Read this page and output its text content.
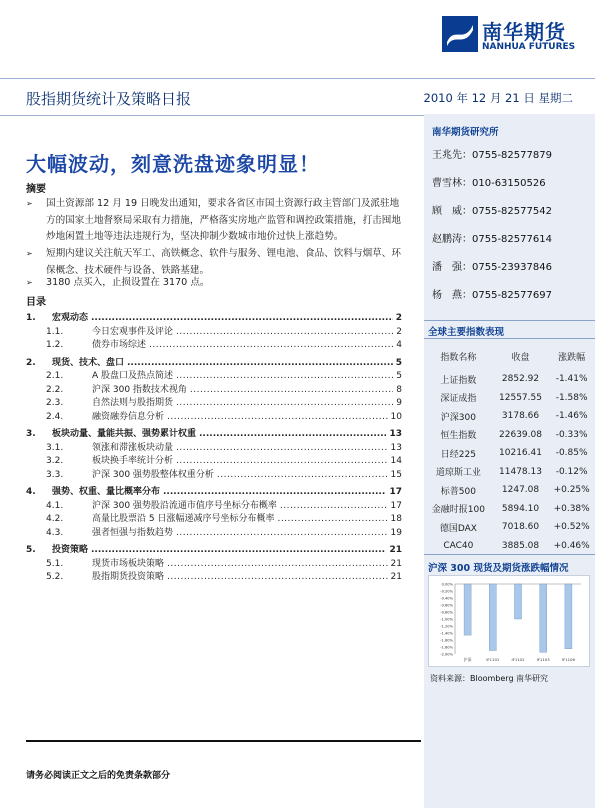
南华期货
NANHUA FUTURES
股指期货统计及策略日报	2010 年 12 月 21 日 星期二
南华期货研究所
王兆先：0755-82577879
曹雪林：010-63150526
顾　威：0755-82577542
赵鹏涛：0755-82577614
潘　强：0755-23937846
杨　燕：0755-82577697
全球主要指数表现
指数名称	收盘	涨跌幅
上证指数	2852.92	-1.41%
深证成指	12557.55	-1.58%
沪深300	3178.66	-1.46%
恒生指数	22639.08	-0.33%
日经225	10216.41	-0.85%
道琼斯工业	11478.13	-0.12%
标普500	1247.08	+0.25%
金融时报100	5894.10	+0.38%
德国DAX	7018.60	+0.52%
CAC40	3885.08	+0.46%
沪深 300 现货及期货涨跌幅情况
0.00%
-0.20%
-0.40%
-0.60%
-0.80%
-1.00%
-1.20%
-1.40%
-1.60%
-1.80%
-2.00%
沪深	IF1101	IF1102	IF1103	IF1106
资料来源：Bloomberg 南华研究
大幅波动，刻意洗盘迹象明显！
摘要
➢	国土资源部 12 月 19 日晚发出通知，要求各省区市国土资源行政主管部门及派驻地方的国家土地督察局采取有力措施，严格落实房地产监管和调控政策措施，打击囤地炒地闲置土地等违法违规行为，坚决抑制少数城市地价过快上涨趋势。
➢	短期内建议关注航天军工、高铁概念、软件与服务、锂电池、食品、饮料与烟草、环保概念、技术硬件与设备、铁路基建。
➢	3180 点买入，止损设置在 3170 点。
目录
1.	宏观动态 .....	2
1.1.	今日宏观事件及评论 .....	2
1.2.	债券市场综述 .....	4
2.	现货、技术、盘口 .....	5
2.1.	A 股盘口及热点简述 .....	5
2.2.	沪深 300 指数技术视角 .....	8
2.3.	自然法则与股指期货 .....	9
2.4.	融资融券信息分析 .....	10
3.	板块动量、量能共振、强势累计权重 .....	13
3.1.	领涨和滞涨板块动量 .....	13
3.2.	板块换手率统计分析 .....	14
3.3.	沪深 300 强势股整体权重分析 .....	15
4.	强势、权重、量比概率分布 .....	17
4.1.	沪深 300 强势股沿流通市值序号坐标分布概率 .....	17
4.2.	高量比股票沿 5 日涨幅递减序号坐标分布概率 .....	18
4.3.	强者恒强与指数趋势 .....	19
5.	投资策略 .....	21
5.1.	现货市场板块策略 .....	21
5.2.	股指期货投资策略 .....	21
请务必阅读正文之后的免责条款部分
